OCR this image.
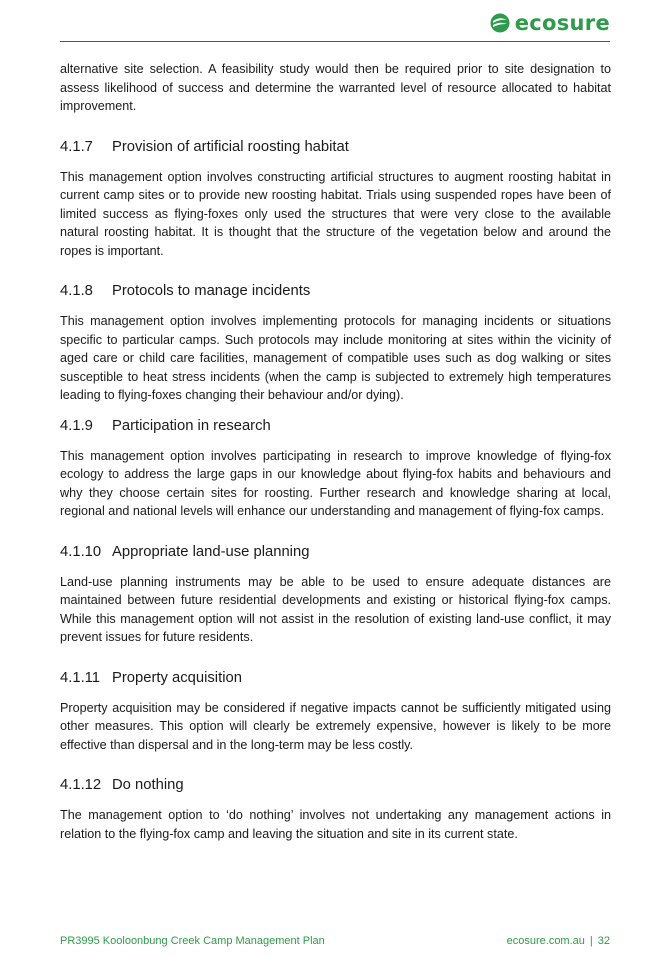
ecosure

alternative site selection. A feasibility study would then be required prior to site designation to assess likelihood of success and determine the warranted level of resource allocated to habitat improvement.

4.1.7	Provision of artificial roosting habitat

This management option involves constructing artificial structures to augment roosting habitat in current camp sites or to provide new roosting habitat. Trials using suspended ropes have been of limited success as flying-foxes only used the structures that were very close to the available natural roosting habitat. It is thought that the structure of the vegetation below and around the ropes is important.

4.1.8	Protocols to manage incidents

This management option involves implementing protocols for managing incidents or situations specific to particular camps. Such protocols may include monitoring at sites within the vicinity of aged care or child care facilities, management of compatible uses such as dog walking or sites susceptible to heat stress incidents (when the camp is subjected to extremely high temperatures leading to flying-foxes changing their behaviour and/or dying).

4.1.9	Participation in research

This management option involves participating in research to improve knowledge of flying-fox ecology to address the large gaps in our knowledge about flying-fox habits and behaviours and why they choose certain sites for roosting. Further research and knowledge sharing at local, regional and national levels will enhance our understanding and management of flying-fox camps.

4.1.10 Appropriate land-use planning

Land-use planning instruments may be able to be used to ensure adequate distances are maintained between future residential developments and existing or historical flying-fox camps. While this management option will not assist in the resolution of existing land-use conflict, it may prevent issues for future residents.

4.1.11 Property acquisition

Property acquisition may be considered if negative impacts cannot be sufficiently mitigated using other measures. This option will clearly be extremely expensive, however is likely to be more effective than dispersal and in the long-term may be less costly.

4.1.12 Do nothing

The management option to ‘do nothing’ involves not undertaking any management actions in relation to the flying-fox camp and leaving the situation and site in its current state.

PR3995 Kooloonbung Creek Camp Management Plan	ecosure.com.au | 32
